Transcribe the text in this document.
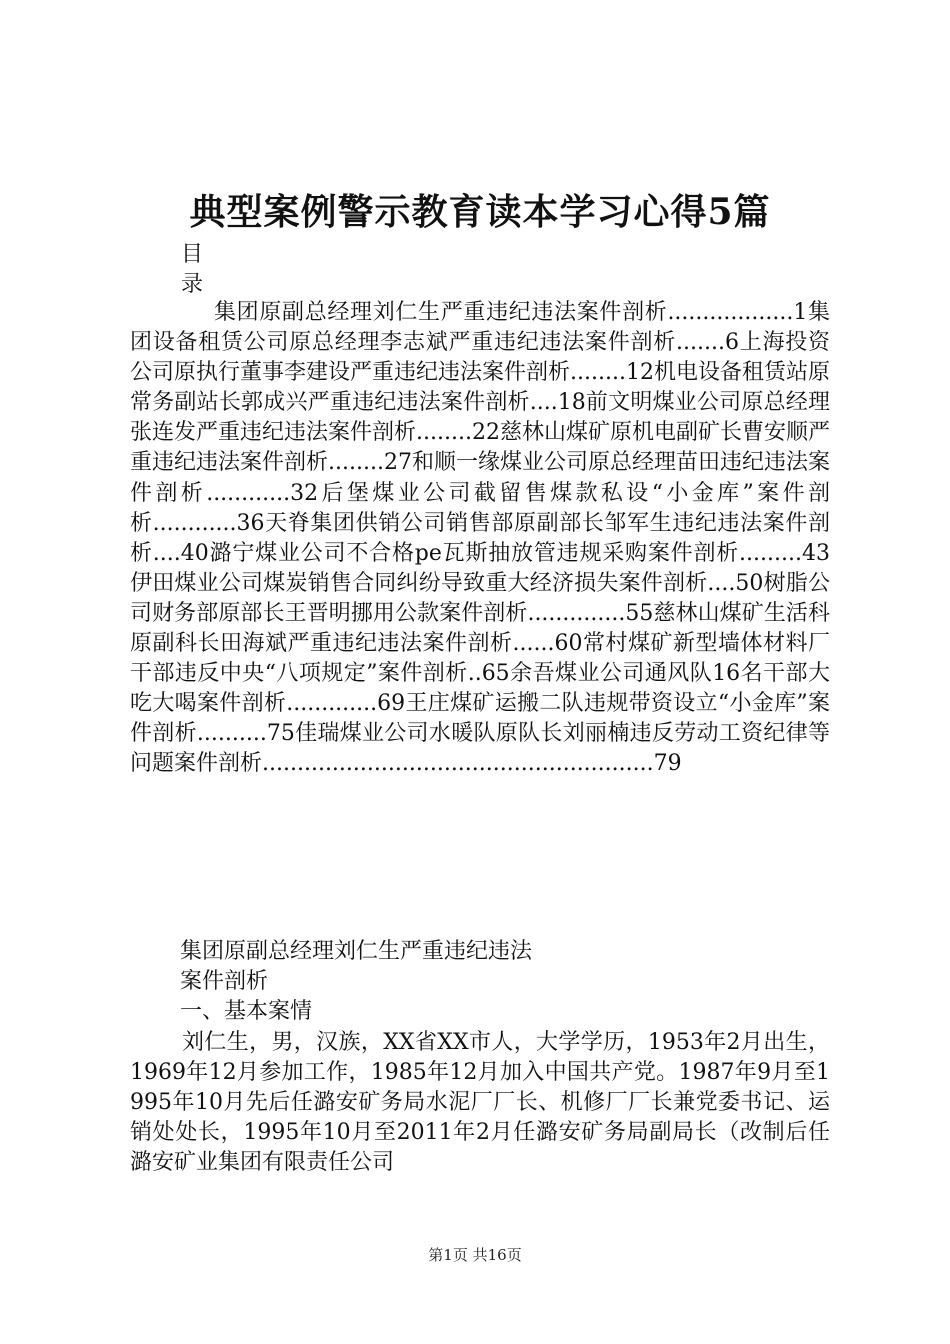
典型案例警示教育读本学习心得5篇
目
录

集团原副总经理刘仁生严重违纪违法案件剖析..................1集团设备租赁公司原总经理李志斌严重违纪违法案件剖析.......6上海投资公司原执行董事李建设严重违纪违法案件剖析........12机电设备租赁站原常务副站长郭成兴严重违纪违法案件剖析....18前文明煤业公司原总经理张连发严重违纪违法案件剖析........22慈林山煤矿原机电副矿长曹安顺严重违纪违法案件剖析........27和顺一缘煤业公司原总经理苗田违纪违法案件剖析............32后堡煤业公司截留售煤款私设“小金库”案件剖析............36天脊集团供销公司销售部原副部长邹军生违纪违法案件剖析....40潞宁煤业公司不合格pe瓦斯抽放管违规采购案件剖析.........43伊田煤业公司煤炭销售合同纠纷导致重大经济损失案件剖析....50树脂公司财务部原部长王晋明挪用公款案件剖析..............55慈林山煤矿生活科原副科长田海斌严重违纪违法案件剖析......60常村煤矿新型墙体材料厂干部违反中央“八项规定”案件剖析..65余吾煤业公司通风队16名干部大吃大喝案件剖析.............69王庄煤矿运搬二队违规带资设立“小金库”案件剖析..........75佳瑞煤业公司水暖队原队长刘丽楠违反劳动工资纪律等问题案件剖析........................................................79

集团原副总经理刘仁生严重违纪违法

案件剖析

一、基本案情

刘仁生，男，汉族，XX省XX市人，大学学历，1953年2月出生，1969年12月参加工作，1985年12月加入中国共产党。1987年9月至1995年10月先后任潞安矿务局水泥厂厂长、机修厂厂长兼党委书记、运销处处长，1995年10月至2011年2月任潞安矿务局副局长（改制后任潞安矿业集团有限责任公司

第1页 共16页
